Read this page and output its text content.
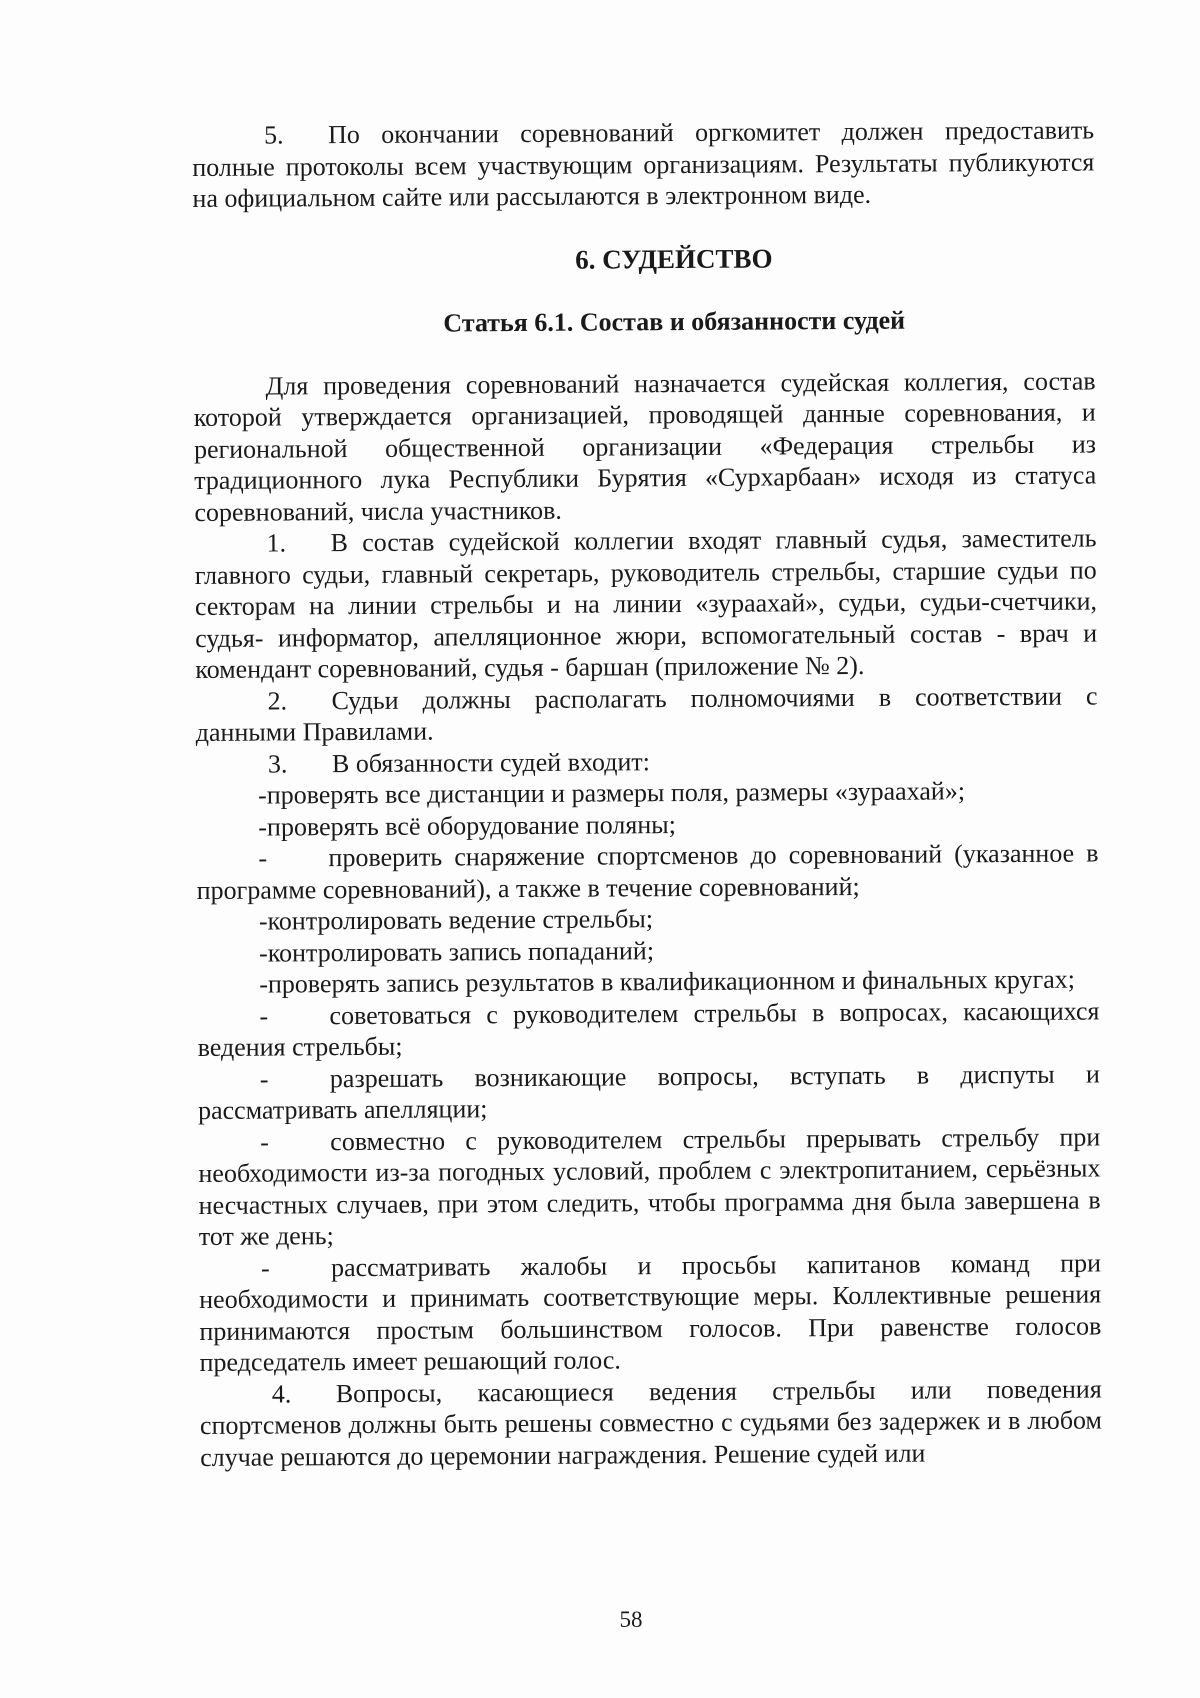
5. По окончании соревнований оргкомитет должен предоставить полные протоколы всем участвующим организациям. Результаты публикуются на официальном сайте или рассылаются в электронном виде.

6. СУДЕЙСТВО

Статья 6.1. Состав и обязанности судей

Для проведения соревнований назначается судейская коллегия, состав которой утверждается организацией, проводящей данные соревнования, и региональной общественной организации «Федерация стрельбы из традиционного лука Республики Бурятия «Сурхарбаан» исходя из статуса соревнований, числа участников.

1. В состав судейской коллегии входят главный судья, заместитель главного судьи, главный секретарь, руководитель стрельбы, старшие судьи по секторам на линии стрельбы и на линии «зураахай», судьи, судьи-счетчики, судья- информатор, апелляционное жюри, вспомогательный состав - врач и комендант соревнований, судья - баршан (приложение № 2).

2. Судьи должны располагать полномочиями в соответствии с данными Правилами.

3. В обязанности судей входит:

-проверять все дистанции и размеры поля, размеры «зураахай»;

-проверять всё оборудование поляны;

- проверить снаряжение спортсменов до соревнований (указанное в программе соревнований), а также в течение соревнований;

-контролировать ведение стрельбы;

-контролировать запись попаданий;

-проверять запись результатов в квалификационном и финальных кругах;

- советоваться с руководителем стрельбы в вопросах, касающихся ведения стрельбы;

- разрешать возникающие вопросы, вступать в диспуты и рассматривать апелляции;

- совместно с руководителем стрельбы прерывать стрельбу при необходимости из-за погодных условий, проблем с электропитанием, серьёзных несчастных случаев, при этом следить, чтобы программа дня была завершена в тот же день;

- рассматривать жалобы и просьбы капитанов команд при необходимости и принимать соответствующие меры. Коллективные решения принимаются простым большинством голосов. При равенстве голосов председатель имеет решающий голос.

4. Вопросы, касающиеся ведения стрельбы или поведения спортсменов должны быть решены совместно с судьями без задержек и в любом случае решаются до церемонии награждения. Решение судей или

58
